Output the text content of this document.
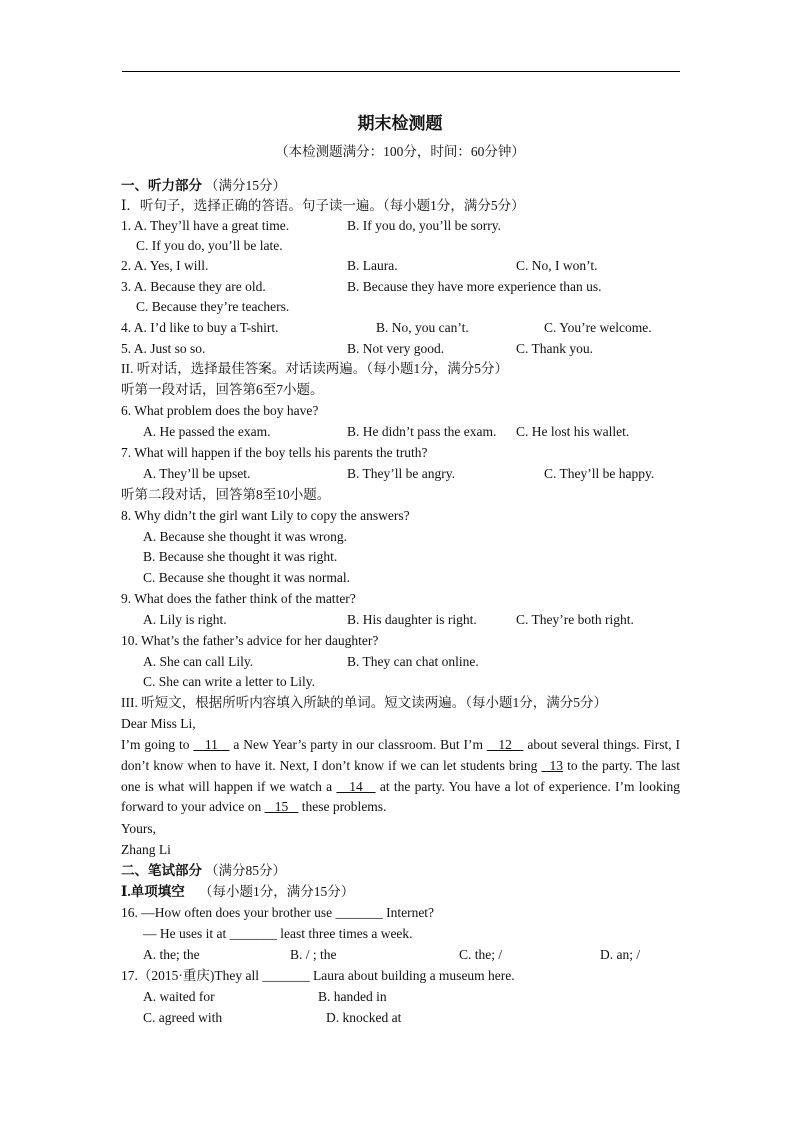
期末检测题
（本检测题满分：100分，时间：60分钟）
一、听力部分 （满分15分）
Ⅰ．听句子，选择正确的答语。句子读一遍。（每小题1分，满分5分）
1. A. They’ll have a great time.	B. If you do, you’ll be sorry.
C. If you do, you’ll be late.
2. A. Yes, I will.	B. Laura.	C. No, I won’t.
3. A. Because they are old.	B. Because they have more experience than us.
C. Because they’re teachers.
4. A. I’d like to buy a T-shirt.	B. No, you can’t.	C. You’re welcome.
5. A. Just so so.	B. Not very good.	C. Thank you.
II. 听对话，选择最佳答案。对话读两遍。（每小题1分，满分5分）
听第一段对话，回答第6至7小题。
6. What problem does the boy have?
A. He passed the exam.	B. He didn’t pass the exam. C. He lost his wallet.
7. What will happen if the boy tells his parents the truth?
A. They’ll be upset.	B. They’ll be angry.	C. They’ll be happy.
听第二段对话，回答第8至10小题。
8. Why didn’t the girl want Lily to copy the answers?
A. Because she thought it was wrong.
B. Because she thought it was right.
C. Because she thought it was normal.
9. What does the father think of the matter?
A. Lily is right.	B. His daughter is right.	C. They’re both right.
10. What’s the father’s advice for her daughter?
A. She can call Lily.	B. They can chat online.
C. She can write a letter to Lily.
III. 听短文，根据所听内容填入所缺的单词。短文读两遍。（每小题1分，满分5分）
Dear Miss Li,
I’m going to    11    a New Year’s party in our classroom. But I’m    12    about several things. First, I don’t know when to have it. Next, I don’t know if we can let students bring   13 to the party. The last one is what will happen if we watch a    14    at the party. You have a lot of experience. I’m looking forward to your advice on    15    these problems.
Yours,
Zhang Li
二、笔试部分 （满分85分）
Ⅰ.单项填空 （每小题1分，满分15分）
16. —How often does your brother use _______ Internet?
— He uses it at _______ least three times a week.
A. the; the	B. / ; the	C. the; /	D. an; /
17.（2015·重庆)They all _______ Laura about building a museum here.
A. waited for	B. handed in
C. agreed with	D. knocked at
